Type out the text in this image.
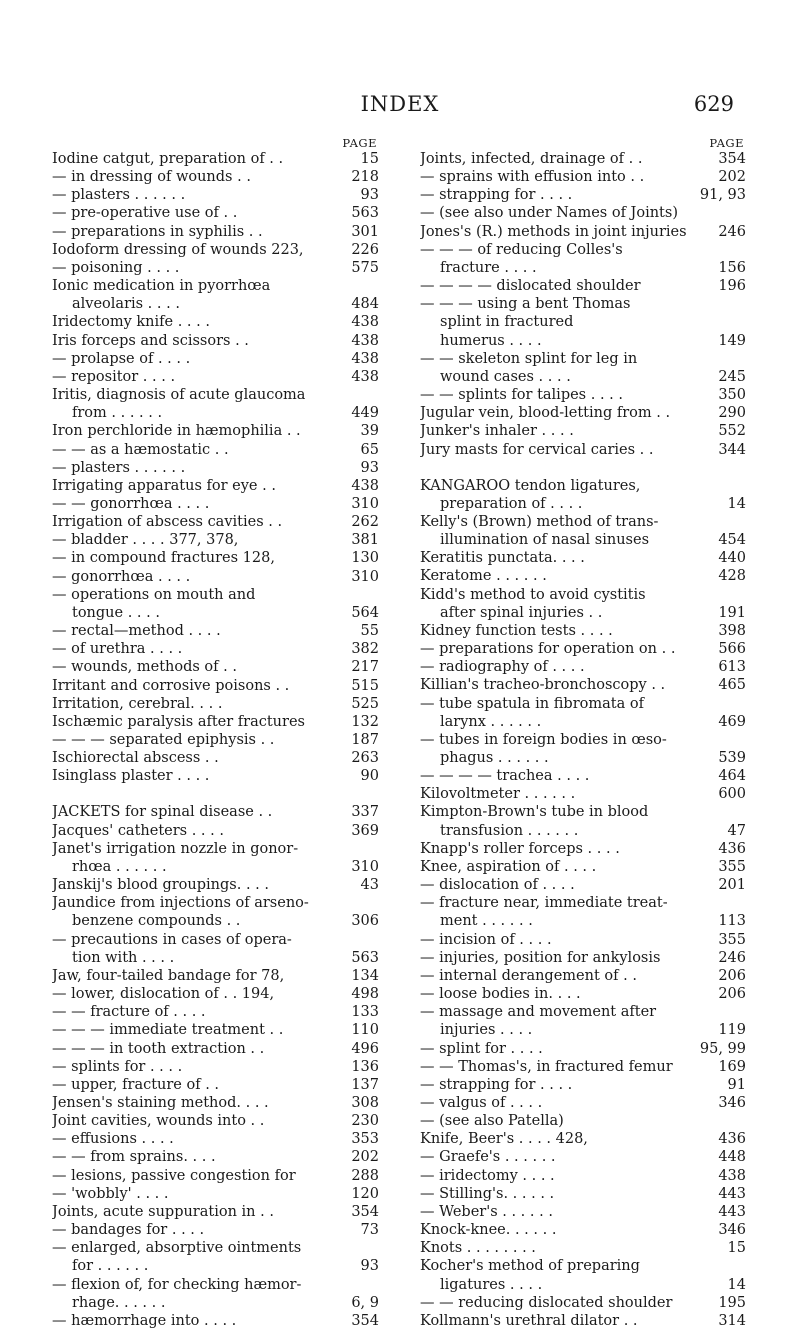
INDEX	629
PAGE
Iodine catgut, preparation of . .	15
— in dressing of wounds . .	218
— plasters . . . . . .	93
— pre-operative use of . .	563
— preparations in syphilis . .	301
Iodoform dressing of wounds 223,	226
— poisoning . . . .	575
Ionic medication in pyorrhœa
alveolaris . . . .	484
Iridectomy knife . . . .	438
Iris forceps and scissors . .	438
— prolapse of . . . .	438
— repositor . . . .	438
Iritis, diagnosis of acute glaucoma
from . . . . . .	449
Iron perchloride in hæmophilia . .	39
— — as a hæmostatic . .	65
— plasters . . . . . .	93
Irrigating apparatus for eye . .	438
— — gonorrhœa . . . .	310
Irrigation of abscess cavities . .	262
— bladder . . . . 377, 378,	381
— in compound fractures 128,	130
— gonorrhœa . . . .	310
— operations on mouth and
tongue . . . .	564
— rectal—method . . . .	55
— of urethra . . . .	382
— wounds, methods of . .	217
Irritant and corrosive poisons . .	515
Irritation, cerebral. . . .	525
Ischæmic paralysis after fractures	132
— — — separated epiphysis . .	187
Ischiorectal abscess . .	263
Isinglass plaster . . . .	90
JACKETS for spinal disease . .	337
Jacques' catheters . . . .	369
Janet's irrigation nozzle in gonor-
rhœa . . . . . .	310
Janskij's blood groupings. . . .	43
Jaundice from injections of arseno-
benzene compounds . .	306
— precautions in cases of opera-
tion with . . . .	563
Jaw, four-tailed bandage for 78,	134
— lower, dislocation of . . 194,	498
— — fracture of . . . .	133
— — — immediate treatment . .	110
— — — in tooth extraction . .	496
— splints for . . . .	136
— upper, fracture of . .	137
Jensen's staining method. . . .	308
Joint cavities, wounds into . .	230
— effusions . . . .	353
— — from sprains. . . .	202
— lesions, passive congestion for	288
— 'wobbly' . . . .	120
Joints, acute suppuration in . .	354
— bandages for . . . .	73
— enlarged, absorptive ointments
for . . . . . .	93
— flexion of, for checking hæmor-
rhage. . . . . .	6, 9
— hæmorrhage into . . . .	354
PAGE
Joints, infected, drainage of . .	354
— sprains with effusion into . .	202
— strapping for . . . .	91, 93
— (see also under Names of Joints)
Jones's (R.) methods in joint injuries	246
— — — of reducing Colles's
fracture . . . .	156
— — — — dislocated shoulder	196
— — — using a bent Thomas
splint in fractured
humerus . . . .	149
— — skeleton splint for leg in
wound cases . . . .	245
— — splints for talipes . . . .	350
Jugular vein, blood-letting from . .	290
Junker's inhaler . . . .	552
Jury masts for cervical caries . .	344
KANGAROO tendon ligatures,
preparation of . . . .	14
Kelly's (Brown) method of trans-
illumination of nasal sinuses	454
Keratitis punctata. . . .	440
Keratome . . . . . .	428
Kidd's method to avoid cystitis
after spinal injuries . .	191
Kidney function tests . . . .	398
— preparations for operation on . .	566
— radiography of . . . .	613
Killian's tracheo-bronchoscopy . .	465
— tube spatula in fibromata of
larynx . . . . . .	469
— tubes in foreign bodies in œso-
phagus . . . . . .	539
— — — — trachea . . . .	464
Kilovoltmeter . . . . . .	600
Kimpton-Brown's tube in blood
transfusion . . . . . .	47
Knapp's roller forceps . . . .	436
Knee, aspiration of . . . .	355
— dislocation of . . . .	201
— fracture near, immediate treat-
ment . . . . . .	113
— incision of . . . .	355
— injuries, position for ankylosis	246
— internal derangement of . .	206
— loose bodies in. . . .	206
— massage and movement after
injuries . . . .	119
— splint for . . . .	95, 99
— — Thomas's, in fractured femur	169
— strapping for . . . .	91
— valgus of . . . .	346
— (see also Patella)
Knife, Beer's . . . . 428,	436
— Graefe's . . . . . .	448
— iridectomy . . . .	438
— Stilling's. . . . . .	443
— Weber's . . . . . .	443
Knock-knee. . . . . .	346
Knots . . . . . . . .	15
Kocher's method of preparing
ligatures . . . .	14
— — reducing dislocated shoulder	195
Kollmann's urethral dilator . .	314
